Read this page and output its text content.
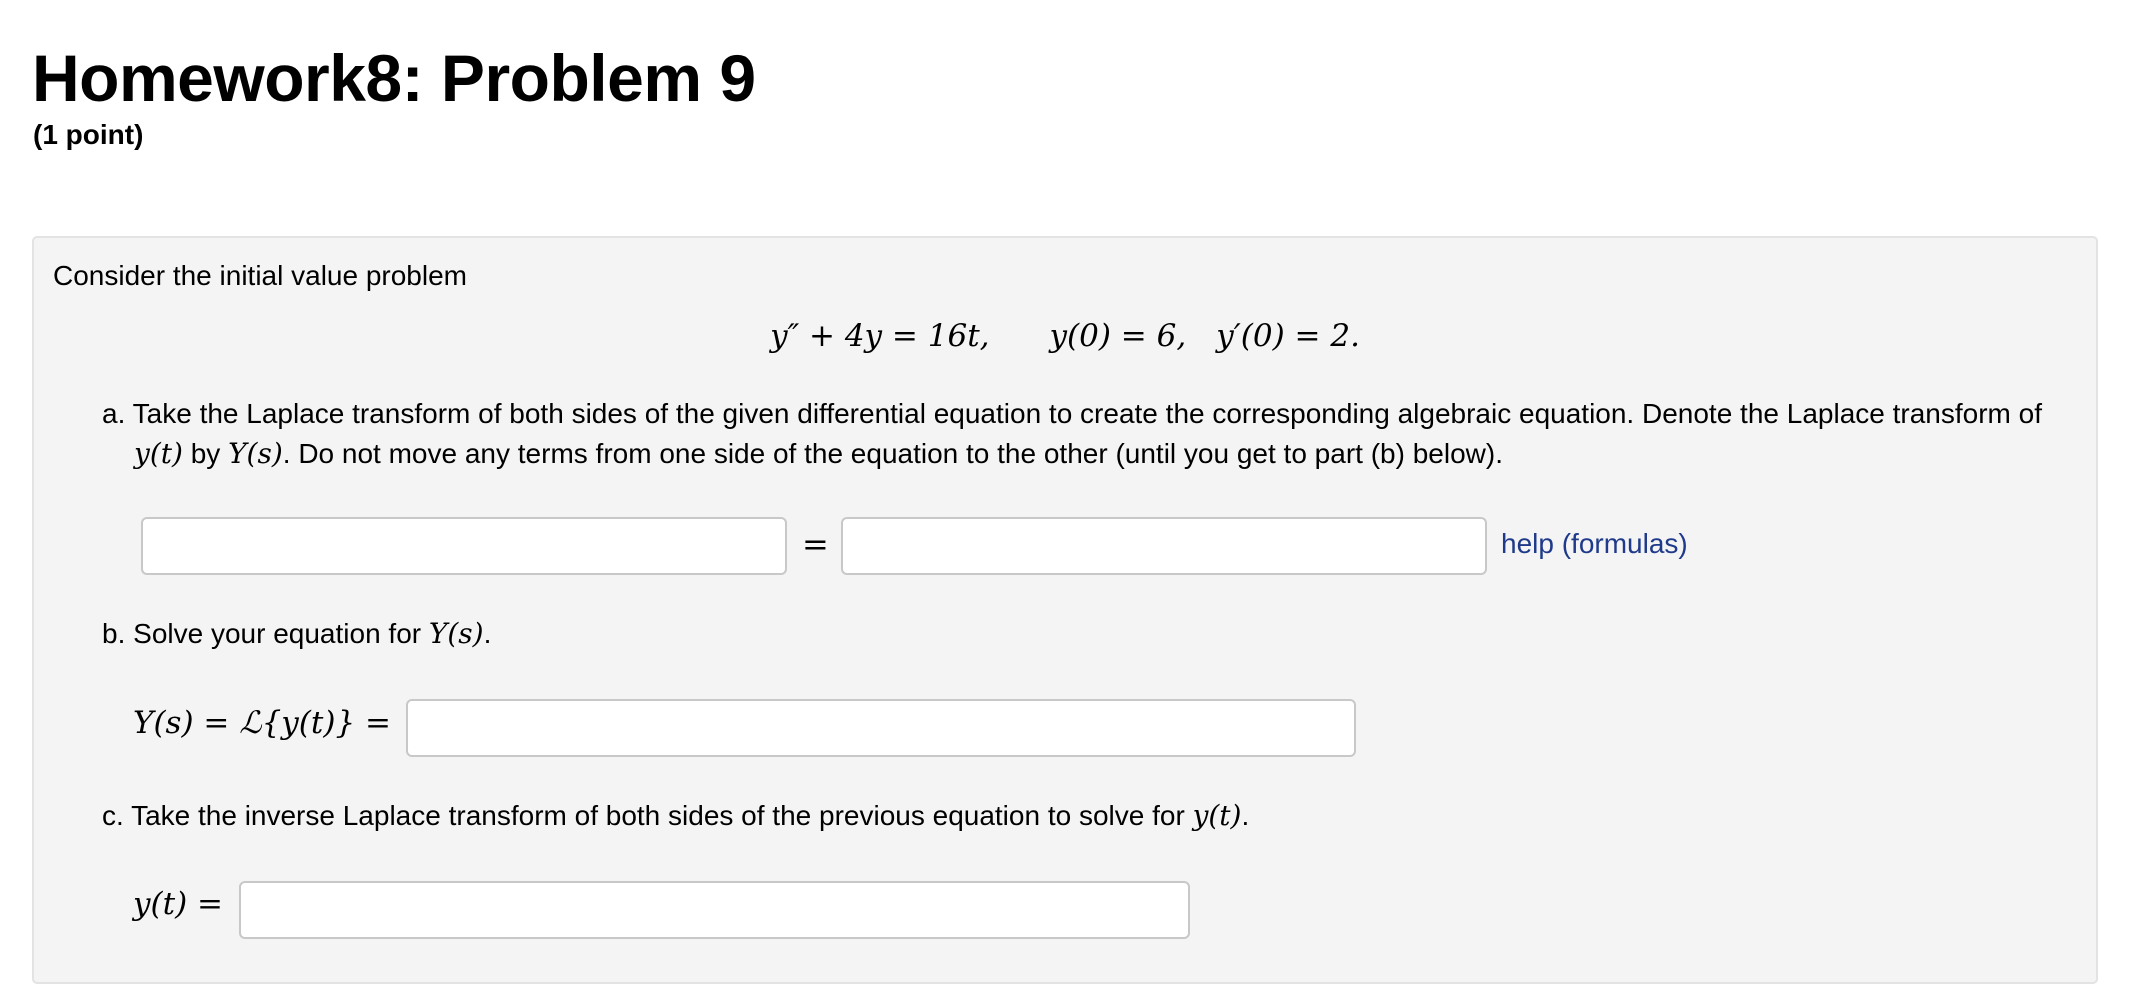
Homework8: Problem 9
(1 point)
Consider the initial value problem
y″ + 4y = 16t, y(0) = 6, y′(0) = 2.
a. Take the Laplace transform of both sides of the given differential equation to create the corresponding algebraic equation. Denote the Laplace transform of
y(t) by Y(s). Do not move any terms from one side of the equation to the other (until you get to part (b) below).
=	help (formulas)
b. Solve your equation for Y(s).
Y(s) = ℒ{y(t)} =
c. Take the inverse Laplace transform of both sides of the previous equation to solve for y(t).
y(t) =
